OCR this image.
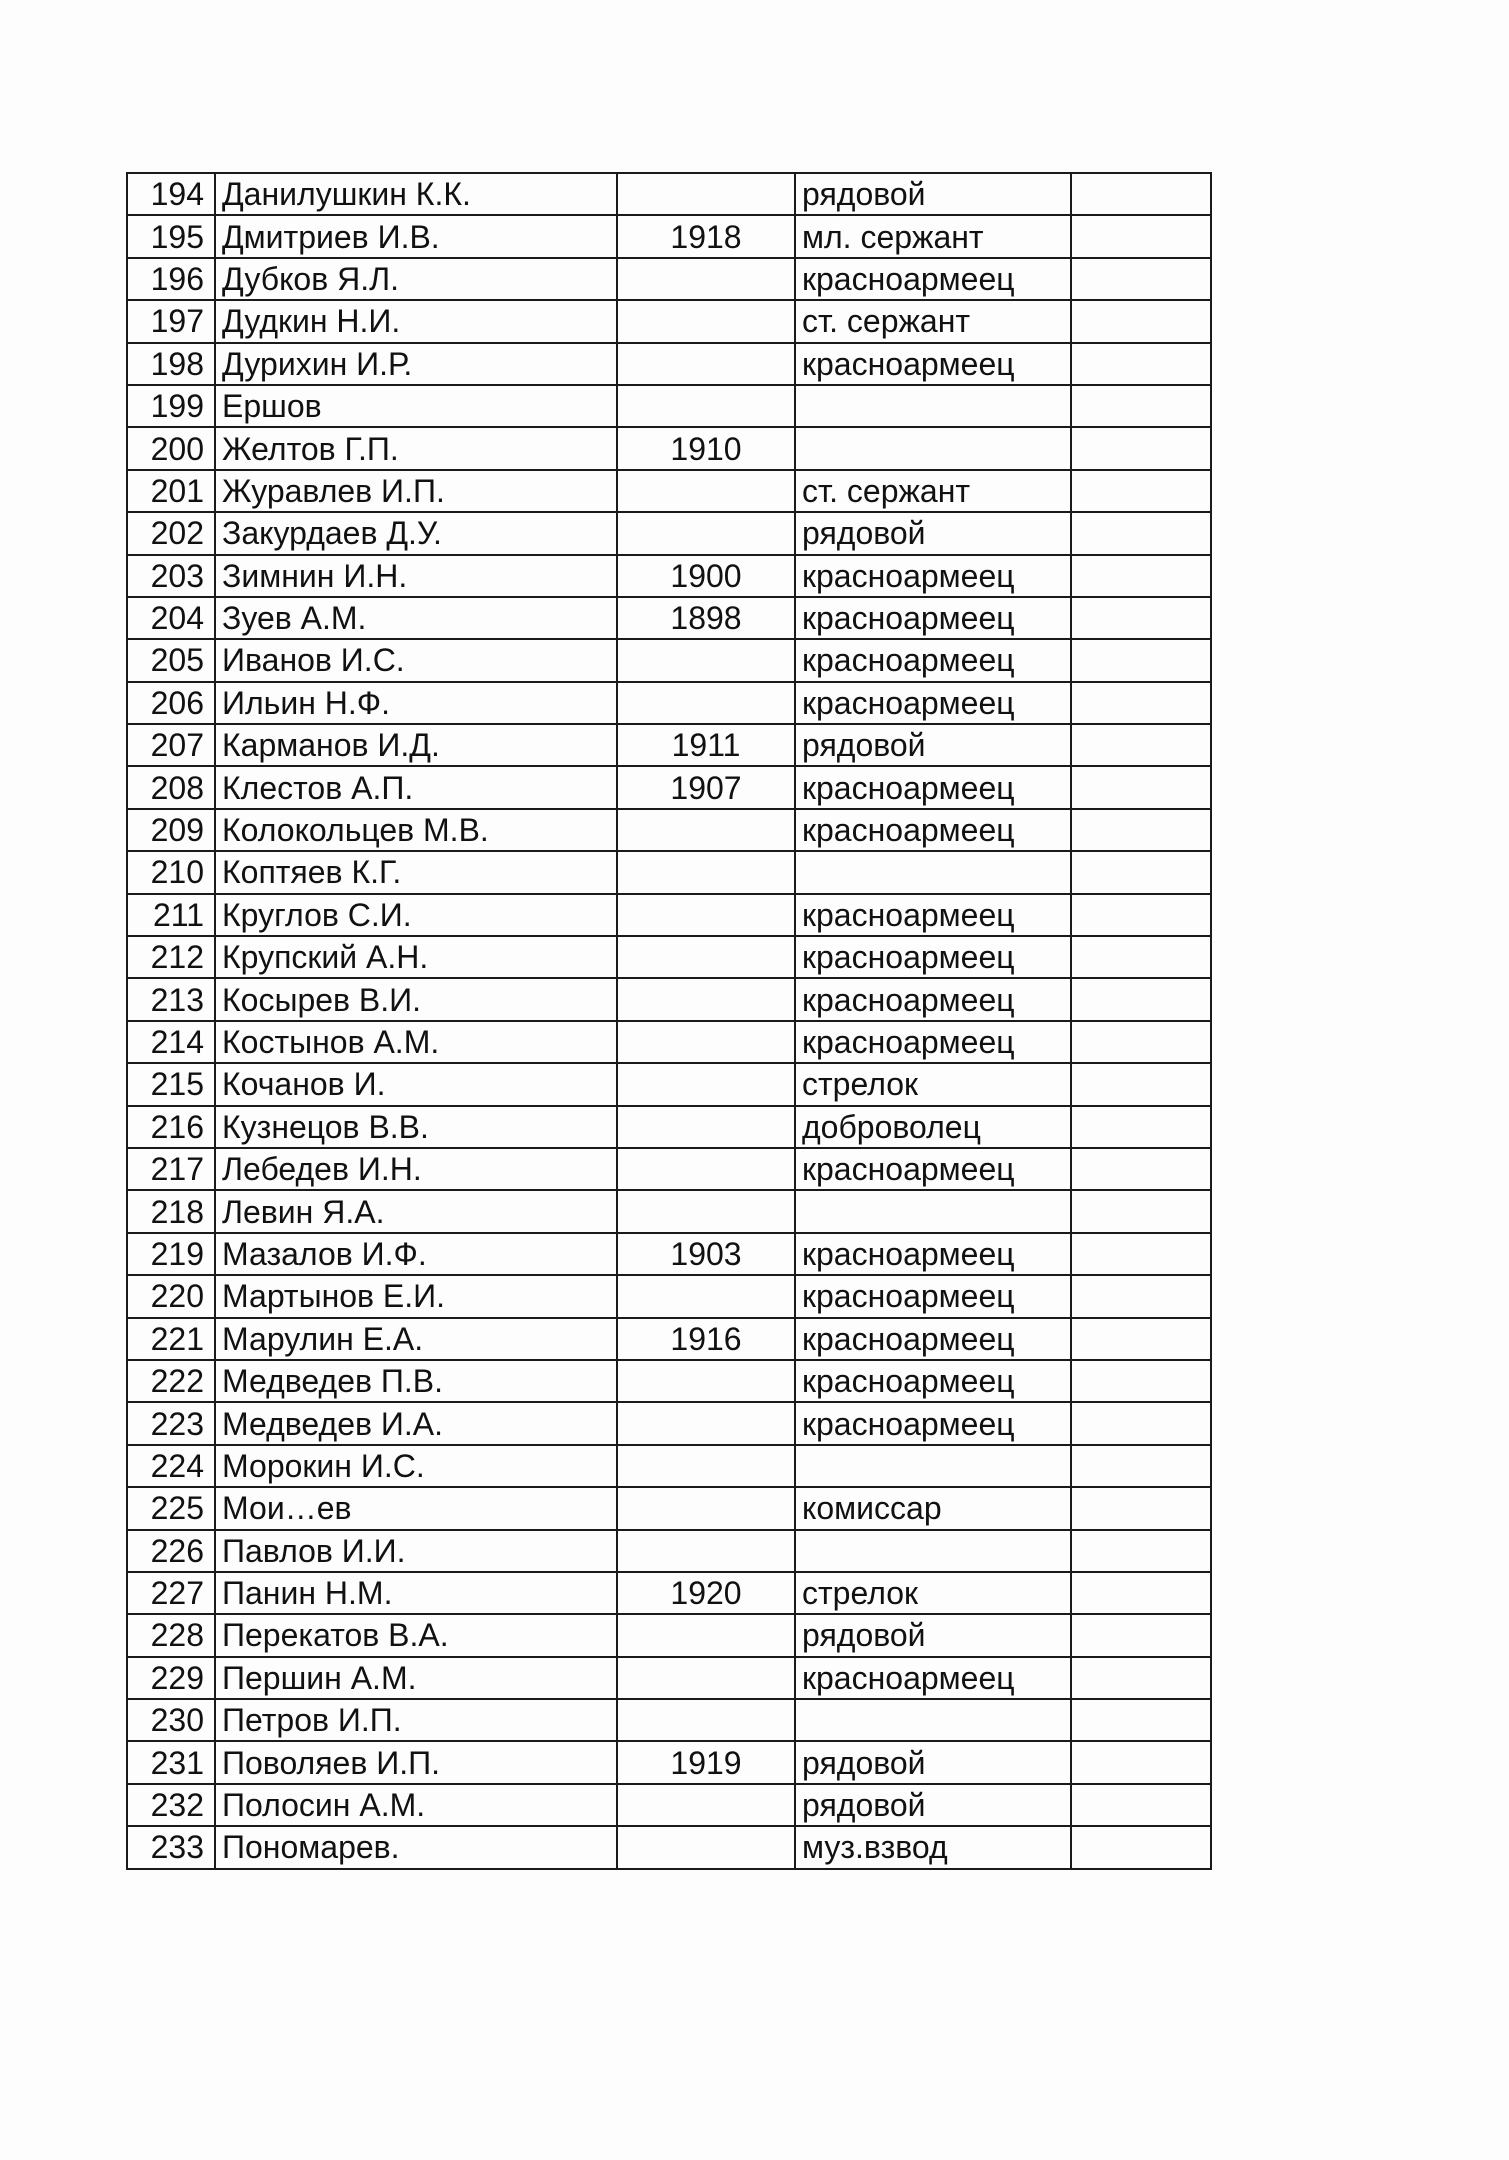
194	Данилушкин К.К.		рядовой	
195	Дмитриев И.В.	1918	мл. сержант	
196	Дубков Я.Л.		красноармеец	
197	Дудкин Н.И.		ст. сержант	
198	Дурихин И.Р.		красноармеец	
199	Ершов			
200	Желтов Г.П.	1910		
201	Журавлев И.П.		ст. сержант	
202	Закурдаев Д.У.		рядовой	
203	Зимнин И.Н.	1900	красноармеец	
204	Зуев А.М.	1898	красноармеец	
205	Иванов И.С.		красноармеец	
206	Ильин Н.Ф.		красноармеец	
207	Карманов И.Д.	1911	рядовой	
208	Клестов А.П.	1907	красноармеец	
209	Колокольцев М.В.		красноармеец	
210	Коптяев К.Г.			
211	Круглов С.И.		красноармеец	
212	Крупский А.Н.		красноармеец	
213	Косырев В.И.		красноармеец	
214	Костынов А.М.		красноармеец	
215	Кочанов И.		стрелок	
216	Кузнецов В.В.		доброволец	
217	Лебедев И.Н.		красноармеец	
218	Левин Я.А.			
219	Мазалов И.Ф.	1903	красноармеец	
220	Мартынов Е.И.		красноармеец	
221	Марулин Е.А.	1916	красноармеец	
222	Медведев П.В.		красноармеец	
223	Медведев И.А.		красноармеец	
224	Морокин И.С.			
225	Мои…ев		комиссар	
226	Павлов И.И.			
227	Панин Н.М.	1920	стрелок	
228	Перекатов В.А.		рядовой	
229	Першин А.М.		красноармеец	
230	Петров И.П.			
231	Поволяев И.П.	1919	рядовой	
232	Полосин А.М.		рядовой	
233	Пономарев.		муз.взвод	
